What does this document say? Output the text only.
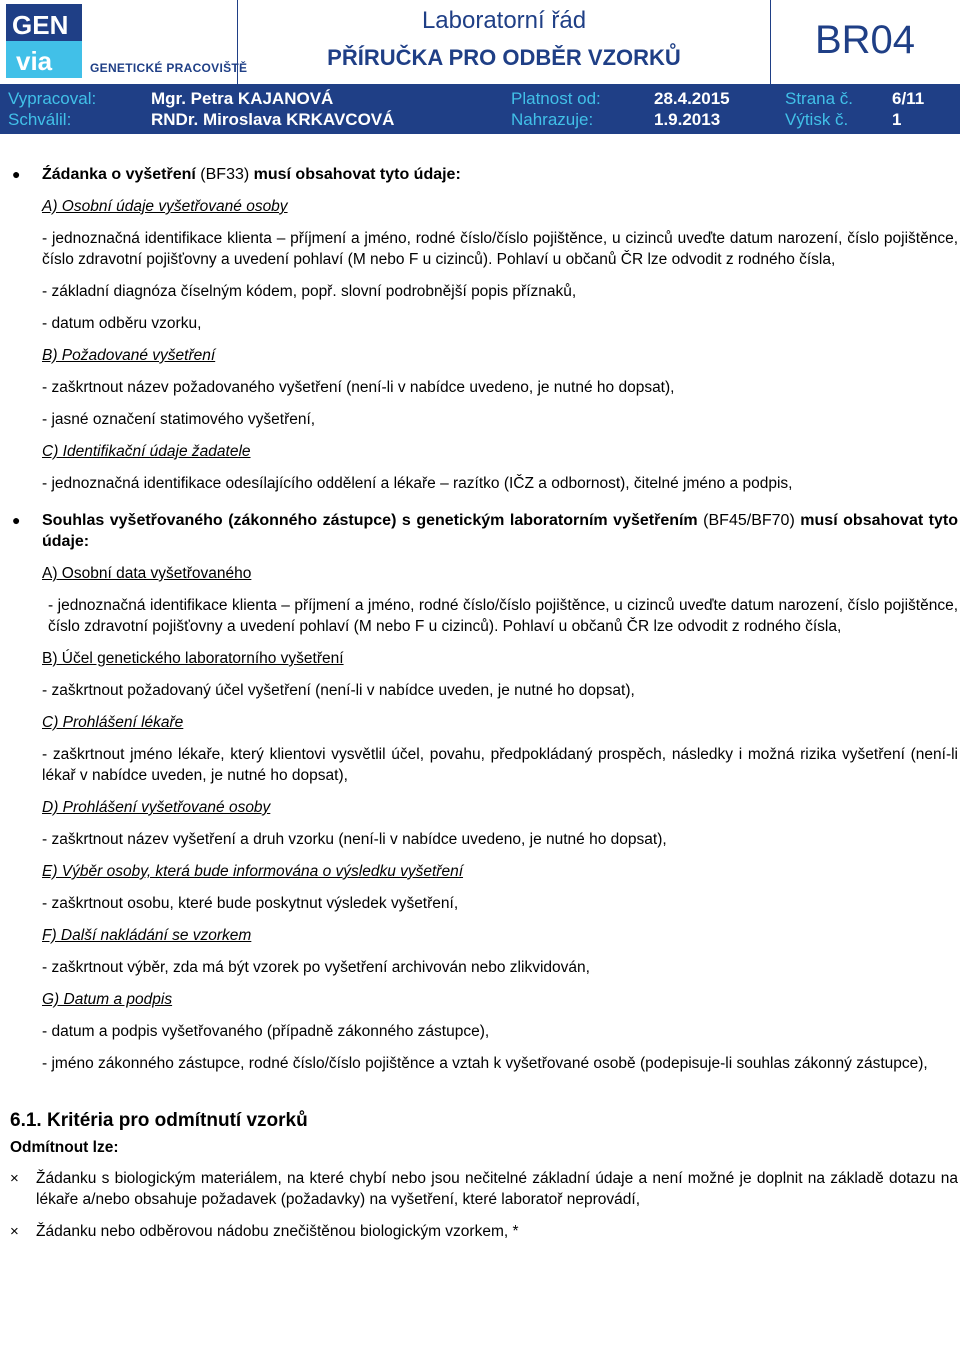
GEN
via	GENETICKÉ PRACOVIŠTĚ
Laboratorní řád
PŘÍRUČKA PRO ODBĚR VZORKŮ	BR04
Vypracoval:	Mgr. Petra KAJANOVÁ
Schválil:	RNDr. Miroslava KRKAVCOVÁ
Platnost od:	28.4.2015
Nahrazuje:	1.9.2013
Strana č. 6/11
Výtisk č.	1
● Źádanka o vyšetření (BF33) musí obsahovat tyto údaje:

A) Osobní údaje vyšetřované osoby

- jednoznačná identifikace klienta – příjmení a jméno, rodné číslo/číslo pojištěnce, u cizinců uveďte datum narození, číslo pojištěnce, číslo zdravotní pojišťovny a uvedení pohlaví (M nebo F u cizinců). Pohlaví u občanů ČR lze odvodit z rodného čísla,

- základní diagnóza číselným kódem, popř. slovní podrobnější popis příznaků,

- datum odběru vzorku,

B) Požadované vyšetření

- zaškrtnout název požadovaného vyšetření (není-li v nabídce uvedeno, je nutné ho dopsat),

- jasné označení statimového vyšetření,

C) Identifikační údaje žadatele

- jednoznačná identifikace odesílajícího oddělení a lékaře – razítko (IČZ a odbornost), čitelné jméno a podpis,

● Souhlas vyšetřovaného (zákonného zástupce) s genetickým laboratorním vyšetřením (BF45/BF70) musí obsahovat tyto údaje:

A) Osobní data vyšetřovaného

- jednoznačná identifikace klienta – příjmení a jméno, rodné číslo/číslo pojištěnce, u cizinců uveďte datum narození, číslo pojištěnce, číslo zdravotní pojišťovny a uvedení pohlaví (M nebo F u cizinců). Pohlaví u občanů ČR lze odvodit z rodného čísla,

B) Účel genetického laboratorního vyšetření

- zaškrtnout požadovaný účel vyšetření (není-li v nabídce uveden, je nutné ho dopsat),

C) Prohlášení lékaře

- zaškrtnout jméno lékaře, který klientovi vysvětlil účel, povahu, předpokládaný prospěch, následky i možná rizika vyšetření (není-li lékař v nabídce uveden, je nutné ho dopsat),

D) Prohlášení vyšetřované osoby

- zaškrtnout název vyšetření a druh vzorku (není-li v nabídce uvedeno, je nutné ho dopsat),

E) Výběr osoby, která bude informována o výsledku vyšetření

- zaškrtnout osobu, které bude poskytnut výsledek vyšetření,

F) Další nakládání se vzorkem

- zaškrtnout výběr, zda má být vzorek po vyšetření archivován nebo zlikvidován,

G) Datum a podpis

- datum a podpis vyšetřovaného (případně zákonného zástupce),

- jméno zákonného zástupce, rodné číslo/číslo pojištěnce a vztah k vyšetřované osobě (podepisuje-li souhlas zákonný zástupce),

6.1. Kritéria pro odmítnutí vzorků

Odmítnout lze:

× Žádanku s biologickým materiálem, na které chybí nebo jsou nečitelné základní údaje a není možné je doplnit na základě dotazu na lékaře a/nebo obsahuje požadavek (požadavky) na vyšetření, které laboratoř neprovádí,

× Žádanku nebo odběrovou nádobu znečištěnou biologickým vzorkem, *
